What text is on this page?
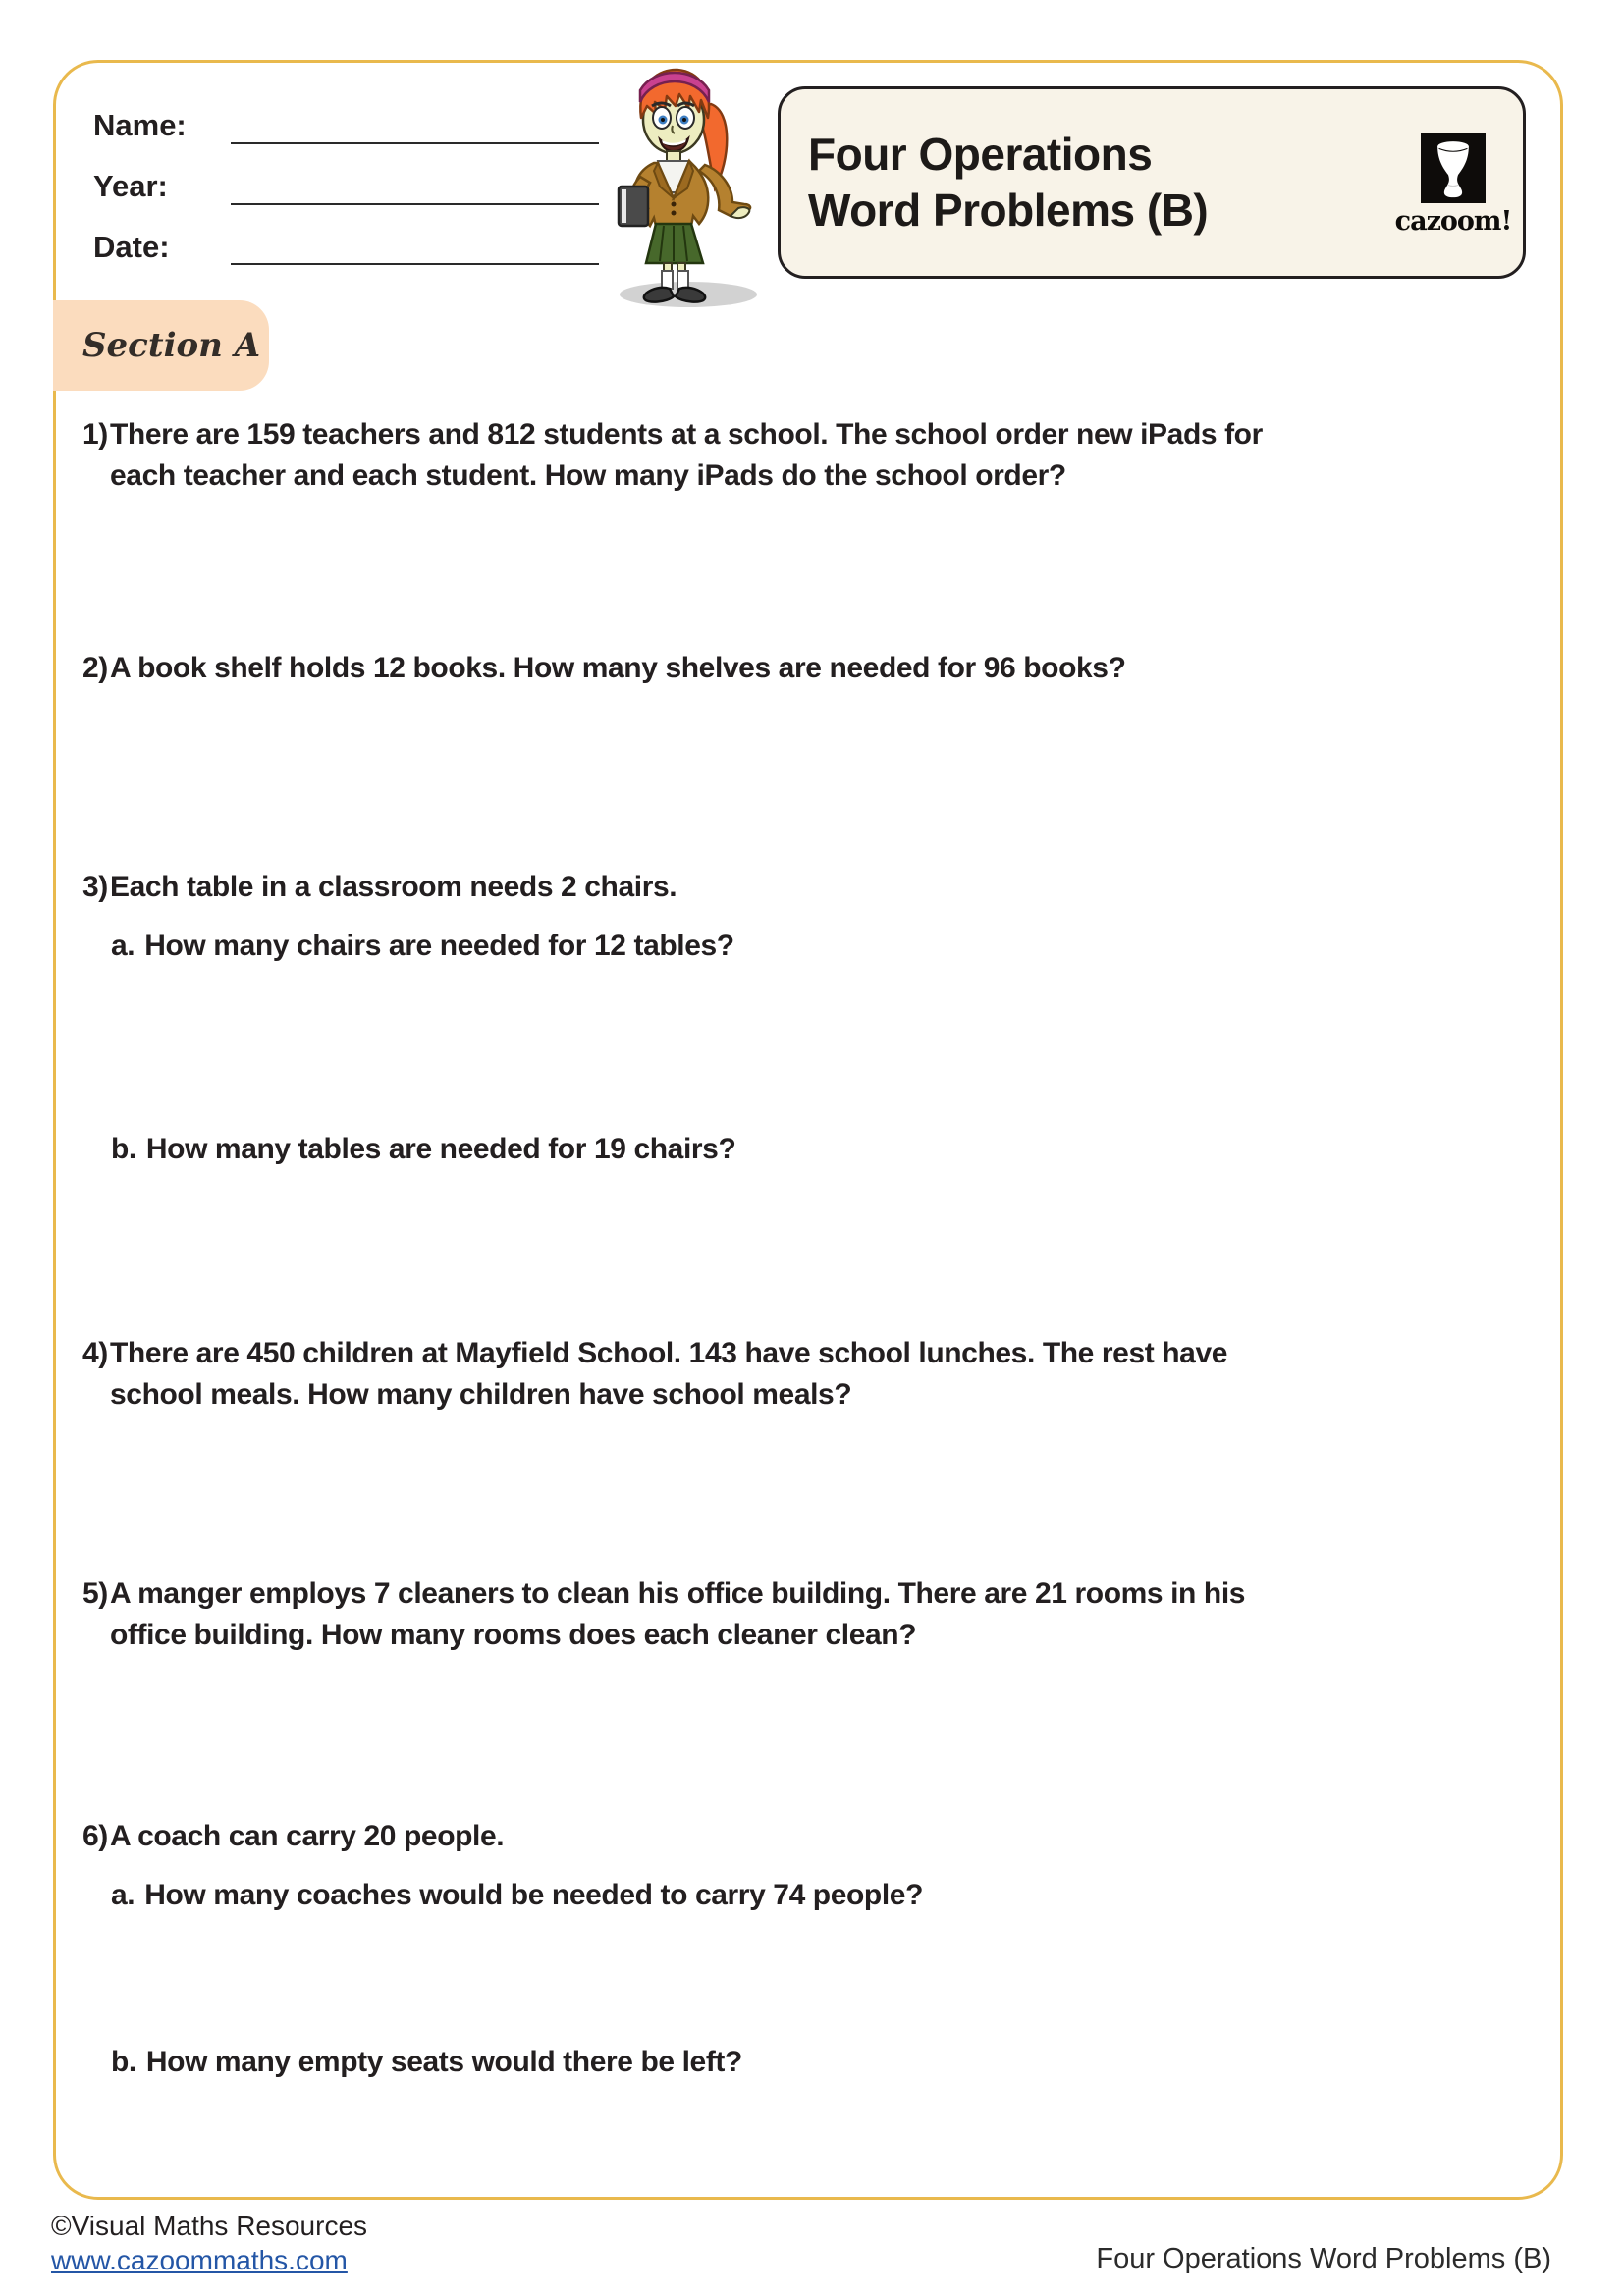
Name:
Year:
Date:
Four Operations
Word Problems (B)	cazoom!
Section A
1) There are 159 teachers and 812 students at a school. The school order new iPads for
each teacher and each student. How many iPads do the school order?
2) A book shelf holds 12 books. How many shelves are needed for 96 books?
3) Each table in a classroom needs 2 chairs.
a. How many chairs are needed for 12 tables?
b. How many tables are needed for 19 chairs?
4) There are 450 children at Mayfield School. 143 have school lunches. The rest have
school meals. How many children have school meals?
5) A manger employs 7 cleaners to clean his office building. There are 21 rooms in his
office building. How many rooms does each cleaner clean?
6) A coach can carry 20 people.
a. How many coaches would be needed to carry 74 people?
b. How many empty seats would there be left?
©Visual Maths Resources
www.cazoommaths.com	Four Operations Word Problems (B)
